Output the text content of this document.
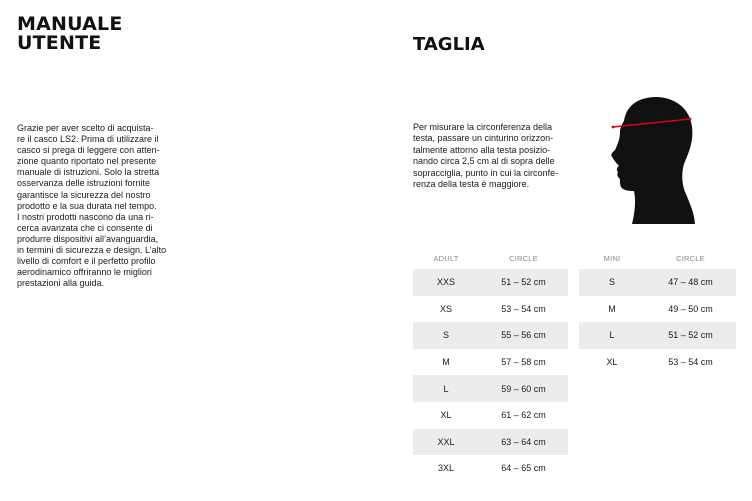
MANUALE
UTENTE

Grazie per aver scelto di acquista-

re il casco LS2. Prima di utilizzare il

casco si prega di leggere con atten-

zione quanto riportato nel presente

manuale di istruzioni. Solo la stretta

osservanza delle istruzioni fornite

garantisce la sicurezza del nostro

prodotto e la sua durata nel tempo.

I nostri prodotti nascono da una ri-

cerca avanzata che ci consente di

produrre dispositivi all’avanguardia,

in termini di sicurezza e design. L’alto

livello di comfort e il perfetto profilo

aerodinamico offriranno le migliori

prestazioni alla guida.

TAGLIA
Per misurare la circonferenza della
testa, passare un cinturino orizzon-
talmente attorno alla testa posizio-
nando circa 2,5 cm al di sopra delle
sopracciglia, punto in cui la circonfe-
renza della testa è maggiore.
ADULT	CIRCLE
XXS	51 – 52 cm
XS	53 – 54 cm
S	55 – 56 cm
M	57 – 58 cm
L	59 – 60 cm
XL	61 – 62 cm
XXL	63 – 64 cm
3XL	64 – 65 cm
MINI	CIRCLE
S	47 – 48 cm
M	49 – 50 cm
L	51 – 52 cm
XL	53 – 54 cm
